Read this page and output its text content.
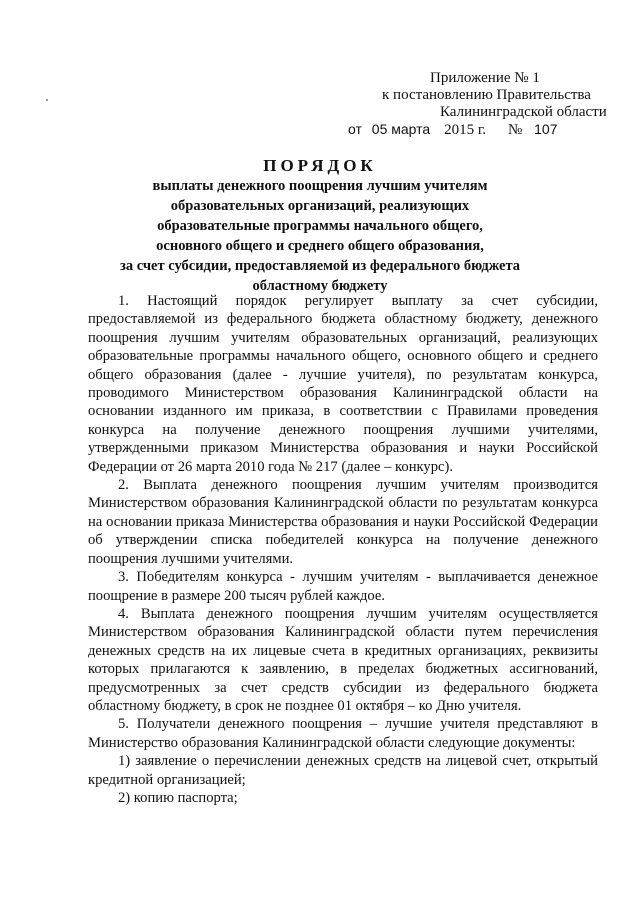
Приложение № 1
к постановлению Правительства
Калининградской области
от 05 марта 2015 г. № 107
ПОРЯДОК
выплаты денежного поощрения лучшим учителям
образовательных организаций, реализующих
образовательные программы начального общего,
основного общего и среднего общего образования,
за счет субсидии, предоставляемой из федерального бюджета
областному бюджету

1. Настоящий порядок регулирует выплату за счет субсидии, предоставляемой из федерального бюджета областному бюджету, денежного поощрения лучшим учителям образовательных организаций, реализующих образовательные программы начального общего, основного общего и среднего общего образования (далее - лучшие учителя), по результатам конкурса, проводимого Министерством образования Калининградской области на основании изданного им приказа, в соответствии с Правилами проведения конкурса на получение денежного поощрения лучшими учителями, утвержденными приказом Министерства образования и науки Российской Федерации от 26 марта 2010 года № 217 (далее – конкурс).

2. Выплата денежного поощрения лучшим учителям производится Министерством образования Калининградской области по результатам конкурса на основании приказа Министерства образования и науки Российской Федерации об утверждении списка победителей конкурса на получение денежного поощрения лучшими учителями.

3. Победителям конкурса - лучшим учителям - выплачивается денежное поощрение в размере 200 тысяч рублей каждое.

4. Выплата денежного поощрения лучшим учителям осуществляется Министерством образования Калининградской области путем перечисления денежных средств на их лицевые счета в кредитных организациях, реквизиты которых прилагаются к заявлению, в пределах бюджетных ассигнований, предусмотренных за счет средств субсидии из федерального бюджета областному бюджету, в срок не позднее 01 октября – ко Дню учителя.

5. Получатели денежного поощрения – лучшие учителя представляют в Министерство образования Калининградской области следующие документы:

1) заявление о перечислении денежных средств на лицевой счет, открытый кредитной организацией;

2) копию паспорта;
